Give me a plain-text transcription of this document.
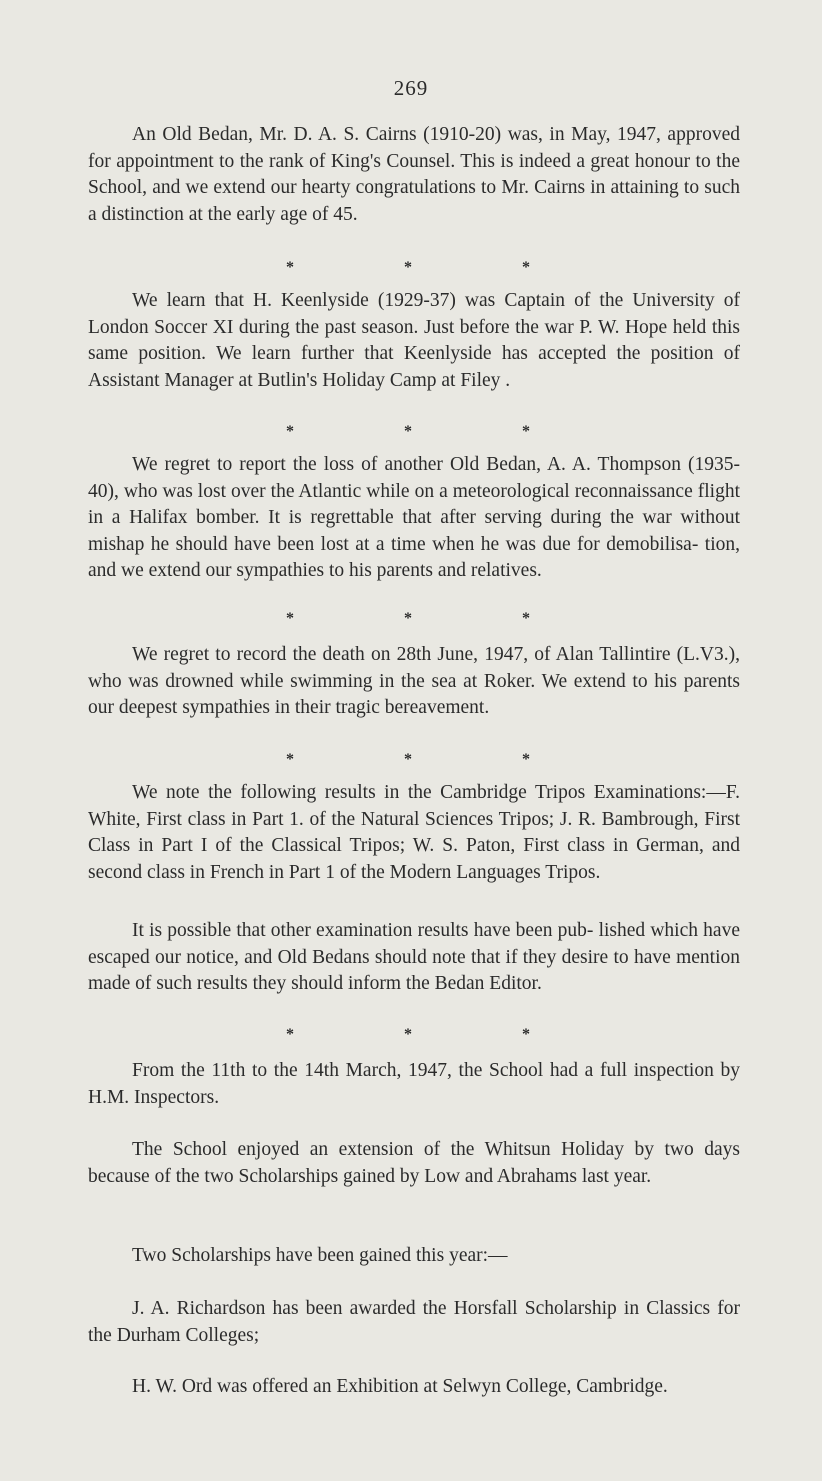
269

An Old Bedan, Mr. D. A. S. Cairns (1910-20) was, in May, 1947, approved for appointment to the rank of King's Counsel. This is indeed a great honour to the School, and we extend our hearty congratulations to Mr. Cairns in attaining to such a distinction at the early age of 45.

*	*	*

We learn that H. Keenlyside (1929-37) was Captain of the University of London Soccer XI during the past season. Just before the war P. W. Hope held this same position. We learn further that Keenlyside has accepted the position of Assistant Manager at Butlin's Holiday Camp at Filey .

*	*	*

We regret to report the loss of another Old Bedan, A. A. Thompson (1935-40), who was lost over the Atlantic while on a meteorological reconnaissance flight in a Halifax bomber. It is regrettable that after serving during the war without mishap he should have been lost at a time when he was due for demobilisa- tion, and we extend our sympathies to his parents and relatives.

*	*	*

We regret to record the death on 28th June, 1947, of Alan Tallintire (L.V3.), who was drowned while swimming in the sea at Roker. We extend to his parents our deepest sympathies in their tragic bereavement.

*	*	*

We note the following results in the Cambridge Tripos Examinations:—F. White, First class in Part 1. of the Natural Sciences Tripos; J. R. Bambrough, First Class in Part I of the Classical Tripos; W. S. Paton, First class in German, and second class in French in Part 1 of the Modern Languages Tripos.

It is possible that other examination results have been pub- lished which have escaped our notice, and Old Bedans should note that if they desire to have mention made of such results they should inform the Bedan Editor.

*	*	*

From the 11th to the 14th March, 1947, the School had a full inspection by H.M. Inspectors.

The School enjoyed an extension of the Whitsun Holiday by two days because of the two Scholarships gained by Low and Abrahams last year.

Two Scholarships have been gained this year:—

J. A. Richardson has been awarded the Horsfall Scholarship in Classics for the Durham Colleges;

H. W. Ord was offered an Exhibition at Selwyn College, Cambridge.
